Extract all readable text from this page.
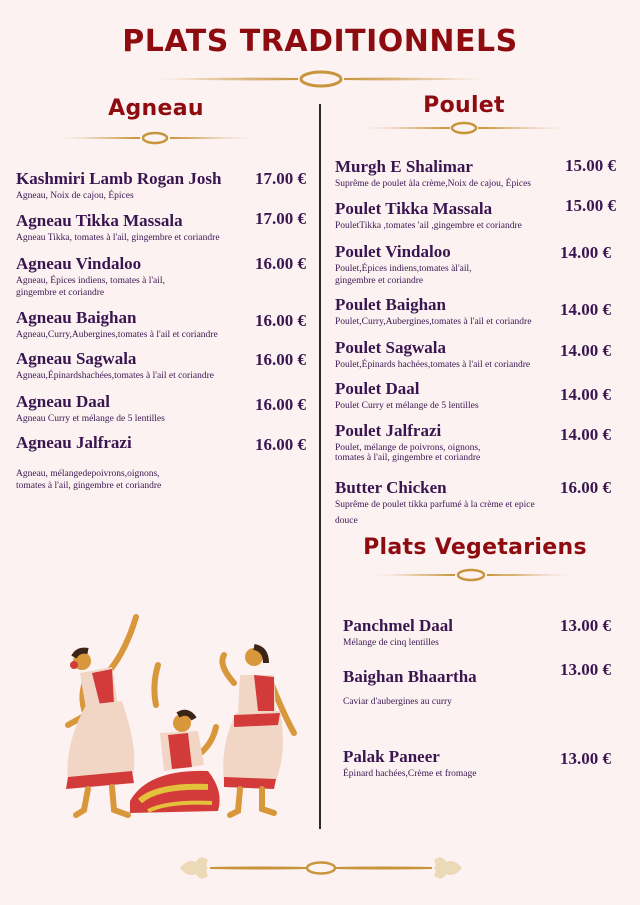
PLATS TRADITIONNELS
Agneau	Poulet
Kashmiri Lamb Rogan Josh
Agneau, Noix de cajou, Épices
17.00 €
Agneau Tikka Massala
Agneau Tikka, tomates à l'ail, gingembre et coriandre
17.00 €
Agneau Vindaloo
Agneau, Épices indiens, tomates à l'ail,
gingembre et coriandre
16.00 €
Agneau Baighan
Agneau,Curry,Aubergines,tomates à l'ail et coriandre
16.00 €
Agneau Sagwala
Agneau,Épinardshachées,tomates à l'ail et coriandre
16.00 €
Agneau Daal
Agneau Curry et mélange de 5 lentilles
16.00 €
Agneau Jalfrazi
Agneau, mélangedepoivrons,oignons,
tomates à l'ail, gingembre et coriandre
16.00 €
Murgh E Shalimar
Suprême de poulet àla crème,Noix de cajou, Épices
15.00 €
Poulet Tikka Massala
PouletTikka ,tomates 'ail ,gingembre et coriandre
15.00 €
Poulet Vindaloo
Poulet,Épices indiens,tomates àl'ail,
gingembre et coriandre
14.00 €
Poulet Baighan
Poulet,Curry,Aubergines,tomates à l'ail et coriandre
14.00 €
Poulet Sagwala
Poulet,Épinards hachées,tomates à l'ail et coriandre
14.00 €
Poulet Daal
Poulet Curry et mélange de 5 lentilles
14.00 €
Poulet Jalfrazi
Poulet, mélange de poivrons, oignons,
tomates à l'ail, gingembre et coriandre
14.00 €
Butter Chicken
Suprême de poulet tikka parfumé à la crème et epice
douce
16.00 €
Plats Vegetariens
Panchmel Daal
Mélange de cinq lentilles
13.00 €
Baighan Bhaartha
Caviar d'aubergines au curry
13.00 €
Palak Paneer
Épinard hachées,Crème et fromage
13.00 €
